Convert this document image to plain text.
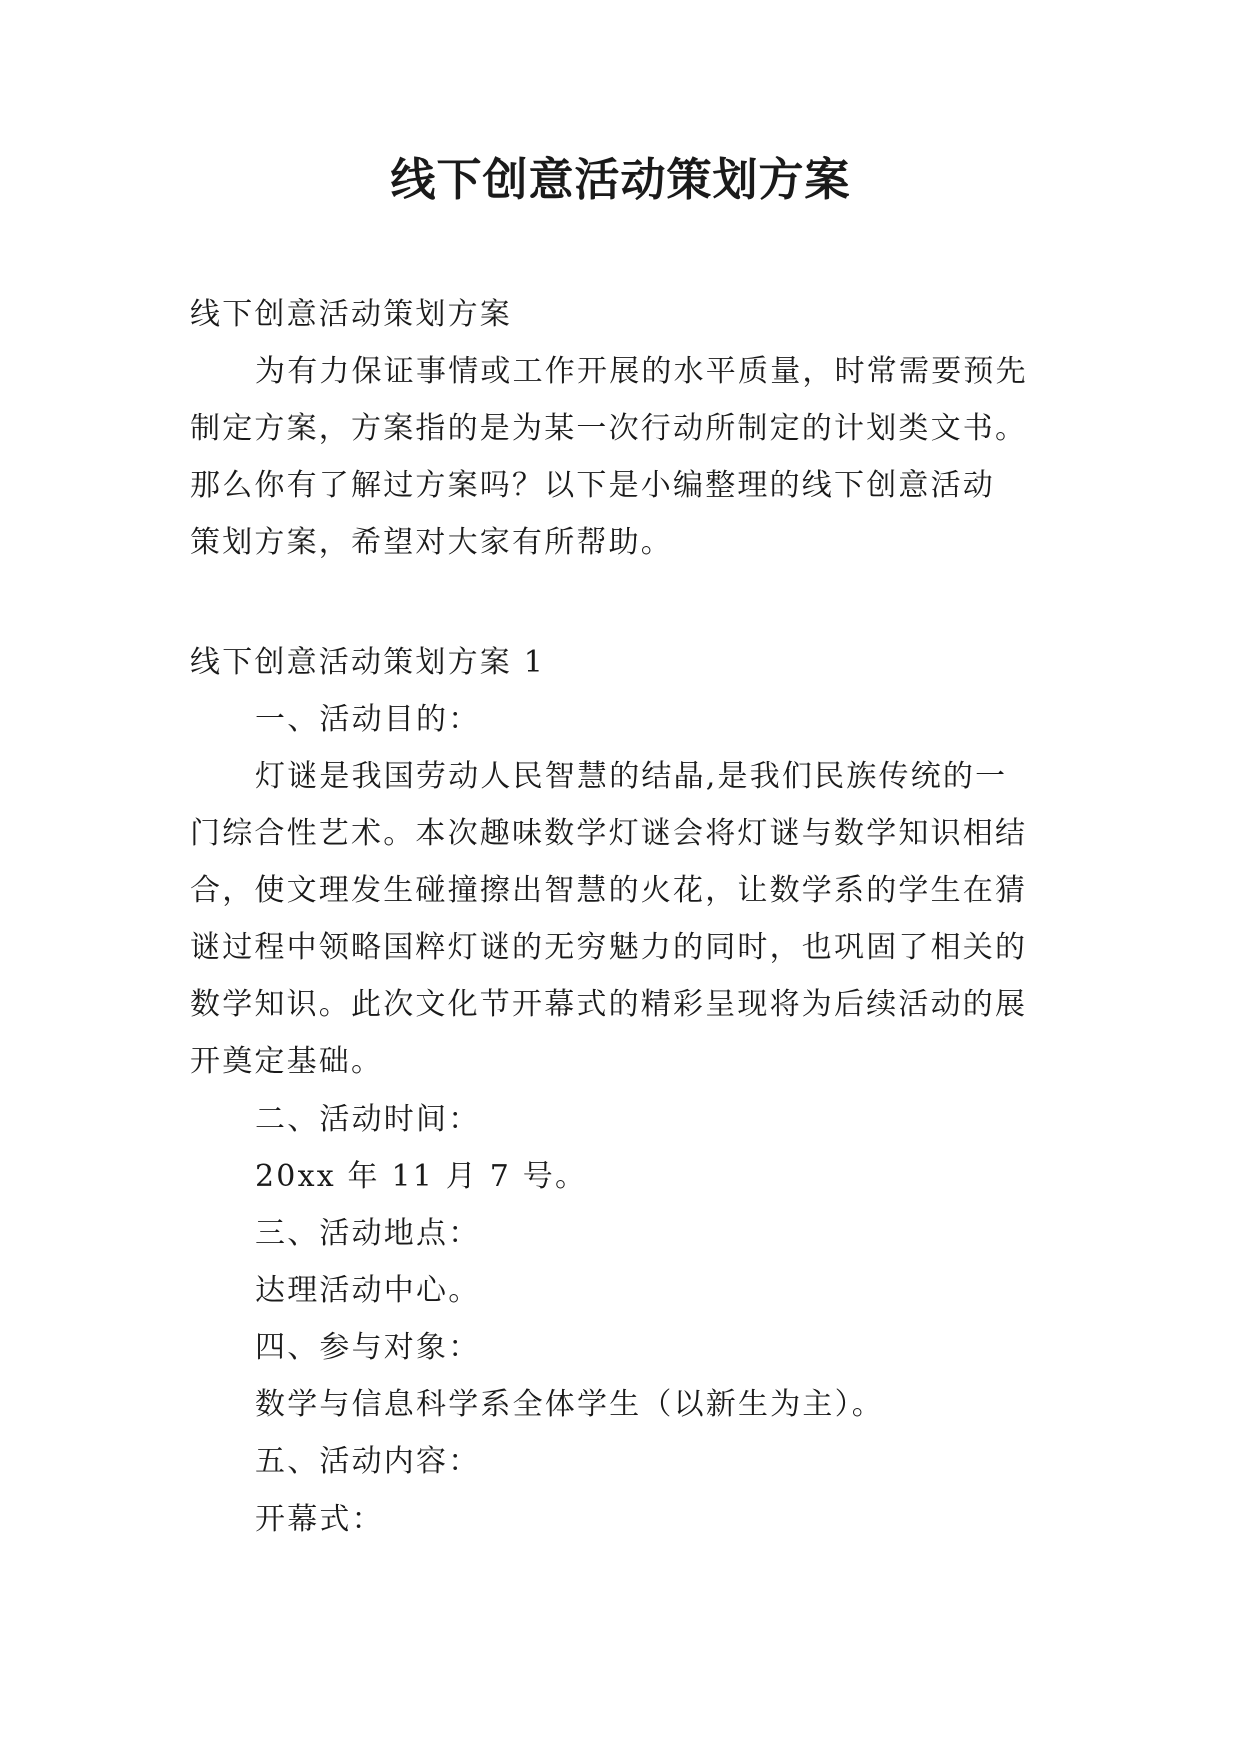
线下创意活动策划方案
线下创意活动策划方案
为有力保证事情或工作开展的水平质量，时常需要预先
制定方案，方案指的是为某一次行动所制定的计划类文书。
那么你有了解过方案吗？以下是小编整理的线下创意活动
策划方案，希望对大家有所帮助。
线下创意活动策划方案 1
一、活动目的：
灯谜是我国劳动人民智慧的结晶,是我们民族传统的一
门综合性艺术。本次趣味数学灯谜会将灯谜与数学知识相结
合，使文理发生碰撞擦出智慧的火花，让数学系的学生在猜
谜过程中领略国粹灯谜的无穷魅力的同时，也巩固了相关的
数学知识。此次文化节开幕式的精彩呈现将为后续活动的展
开奠定基础。
二、活动时间：
20xx 年 11 月 7 号。
三、活动地点：
达理活动中心。
四、参与对象：
数学与信息科学系全体学生（以新生为主）。
五、活动内容：
开幕式：
